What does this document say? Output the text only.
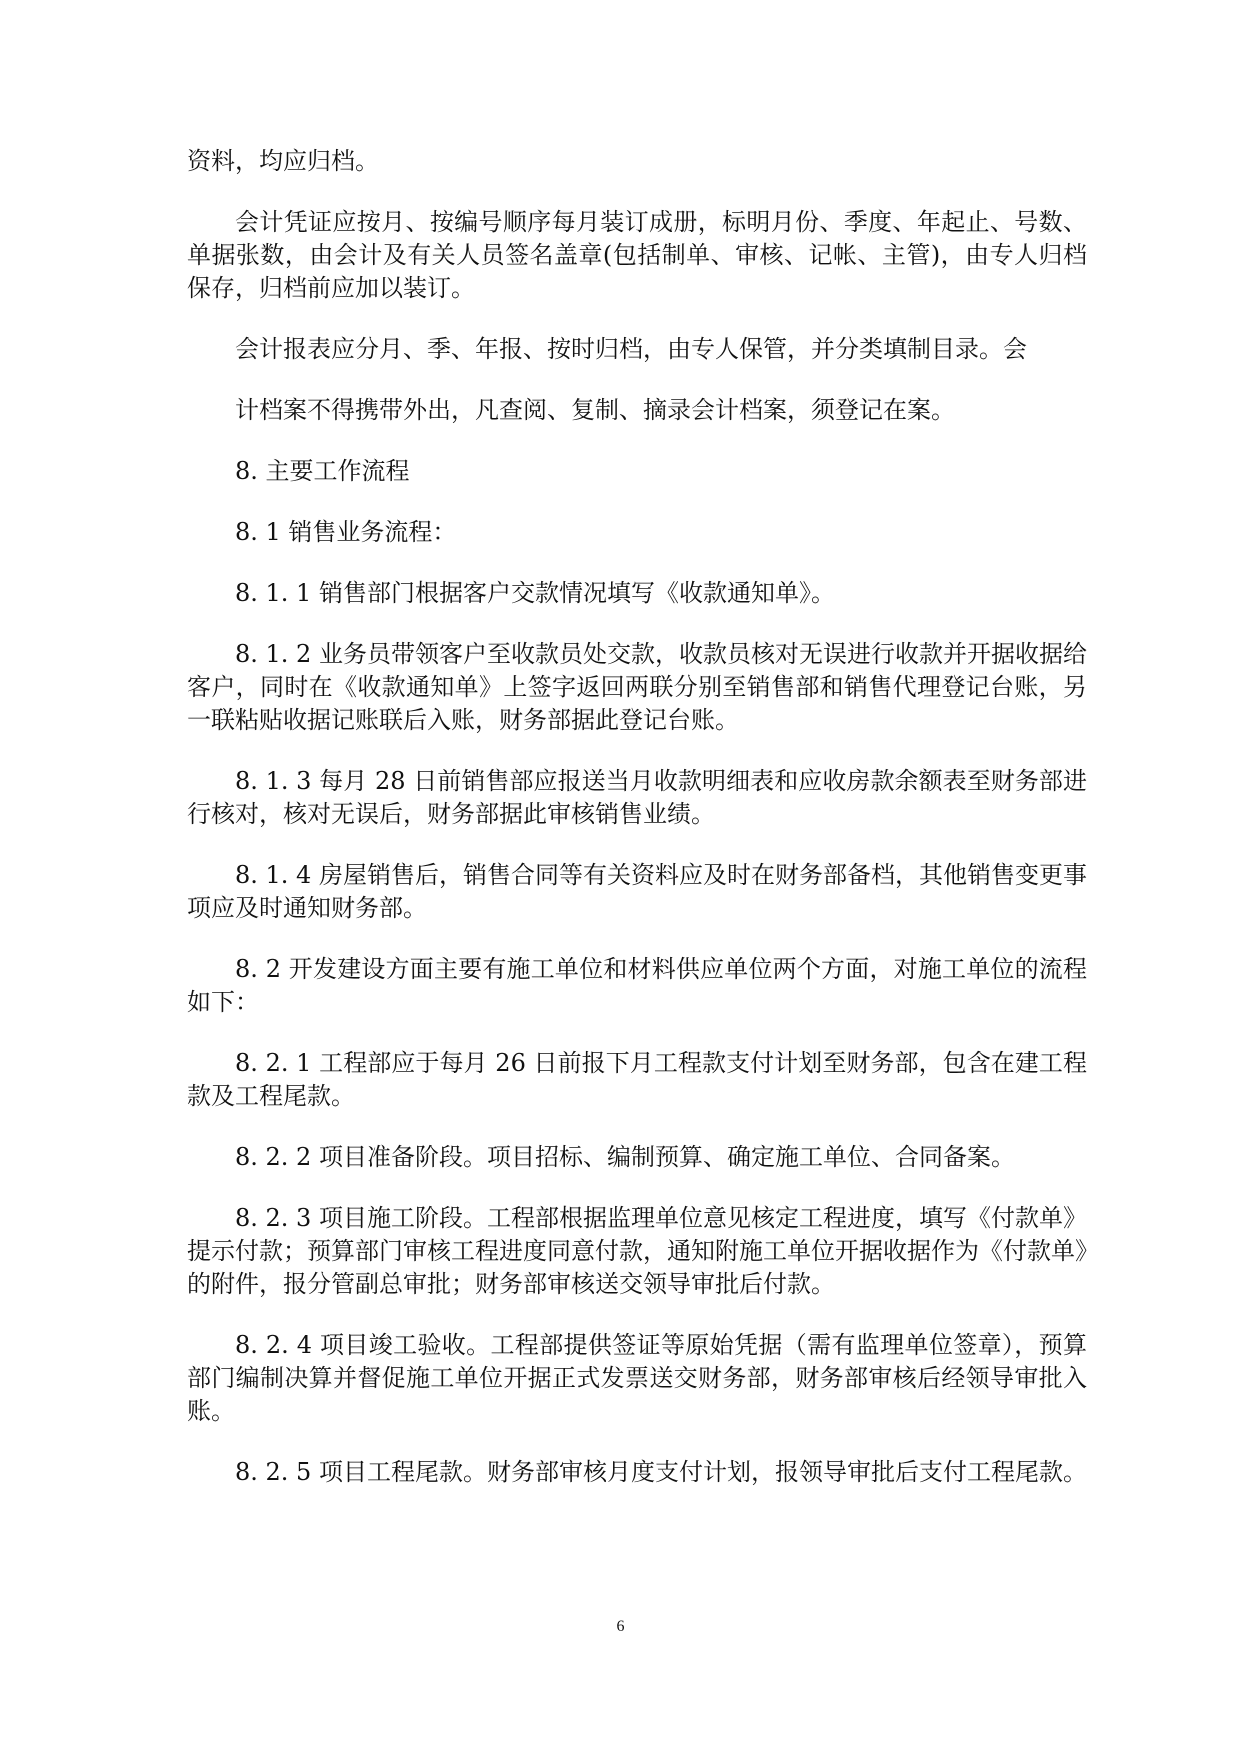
资料，均应归档。

会计凭证应按月、按编号顺序每月装订成册，标明月份、季度、年起止、号数、单据张数，由会计及有关人员签名盖章(包括制单、审核、记帐、主管)，由专人归档保存，归档前应加以装订。

会计报表应分月、季、年报、按时归档，由专人保管，并分类填制目录。会

计档案不得携带外出，凡查阅、复制、摘录会计档案，须登记在案。

8. 主要工作流程

8. 1 销售业务流程：

8. 1. 1 销售部门根据客户交款情况填写《收款通知单》。

8. 1. 2 业务员带领客户至收款员处交款，收款员核对无误进行收款并开据收据给客户，同时在《收款通知单》上签字返回两联分别至销售部和销售代理登记台账，另一联粘贴收据记账联后入账，财务部据此登记台账。

8. 1. 3 每月 28 日前销售部应报送当月收款明细表和应收房款余额表至财务部进行核对，核对无误后，财务部据此审核销售业绩。

8. 1. 4 房屋销售后，销售合同等有关资料应及时在财务部备档，其他销售变更事项应及时通知财务部。

8. 2 开发建设方面主要有施工单位和材料供应单位两个方面，对施工单位的流程如下：

8. 2. 1 工程部应于每月 26 日前报下月工程款支付计划至财务部，包含在建工程款及工程尾款。

8. 2. 2 项目准备阶段。项目招标、编制预算、确定施工单位、合同备案。

8. 2. 3 项目施工阶段。工程部根据监理单位意见核定工程进度，填写《付款单》提示付款；预算部门审核工程进度同意付款，通知附施工单位开据收据作为《付款单》的附件，报分管副总审批；财务部审核送交领导审批后付款。

8. 2. 4 项目竣工验收。工程部提供签证等原始凭据（需有监理单位签章），预算部门编制决算并督促施工单位开据正式发票送交财务部，财务部审核后经领导审批入账。

8. 2. 5 项目工程尾款。财务部审核月度支付计划，报领导审批后支付工程尾款。

6
